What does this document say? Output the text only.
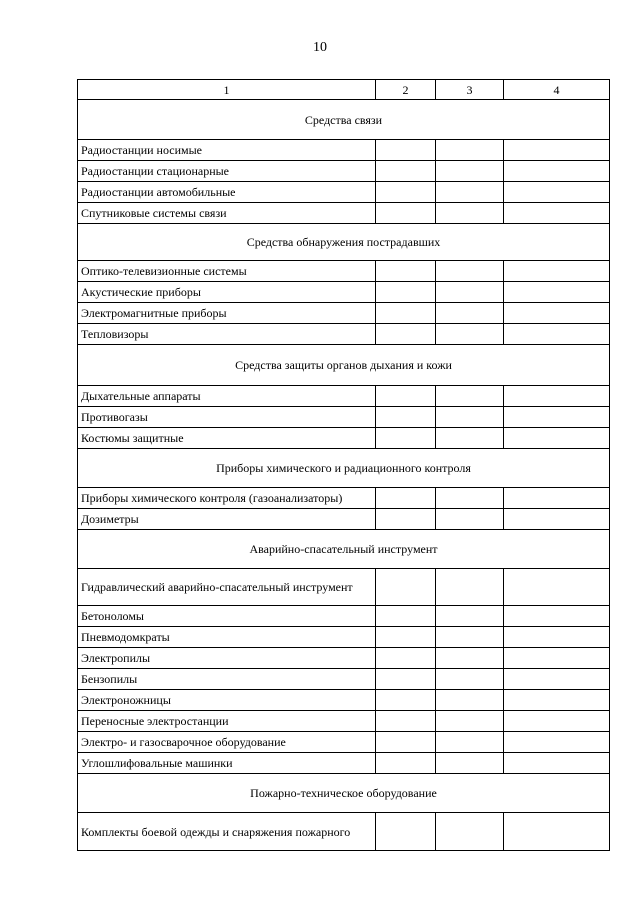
10
1	2	3	4
Средства связи			
Радиостанции носимые			
Радиостанции стационарные			
Радиостанции автомобильные			
Спутниковые системы связи			
Средства обнаружения пострадавших			
Оптико-телевизионные системы			
Акустические приборы			
Электромагнитные приборы			
Тепловизоры			
Средства защиты органов дыхания и кожи			
Дыхательные аппараты			
Противогазы			
Костюмы защитные			
Приборы химического и радиационного контроля			
Приборы химического контроля (газоанализаторы)			
Дозиметры			
Аварийно-спасательный инструмент			
Гидравлический аварийно-спасательный инструмент			
Бетоноломы			
Пневмодомкраты			
Электропилы			
Бензопилы			
Электроножницы			
Переносные электростанции			
Электро- и газосварочное оборудование			
Углошлифовальные машинки			
Пожарно-техническое оборудование			
Комплекты боевой одежды и снаряжения пожарного			
